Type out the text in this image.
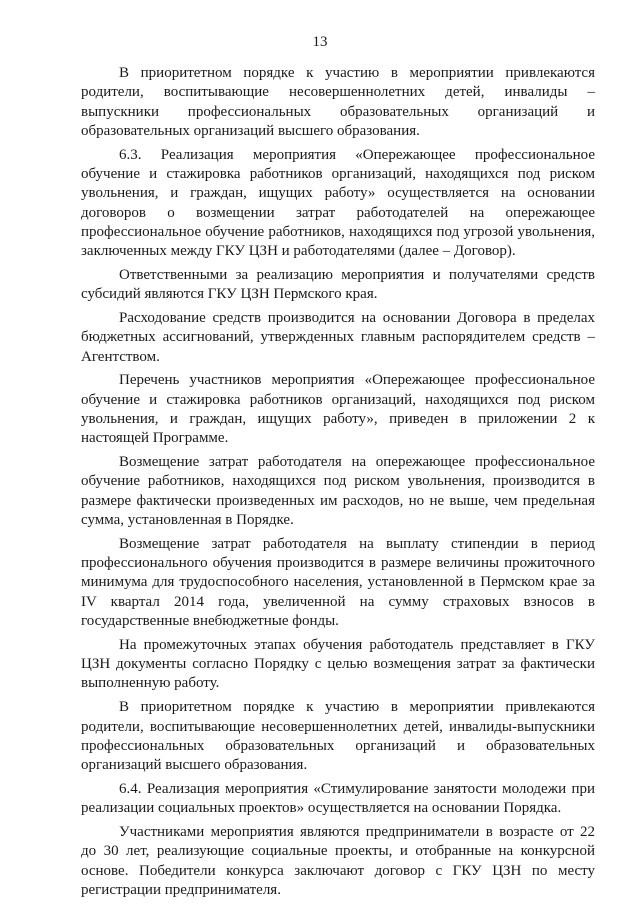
13

В приоритетном порядке к участию в мероприятии привлекаются родители, воспитывающие несовершеннолетних детей, инвалиды – выпускники профессиональных образовательных организаций и образовательных организаций высшего образования.

6.3. Реализация мероприятия «Опережающее профессиональное обучение и стажировка работников организаций, находящихся под риском увольнения, и граждан, ищущих работу» осуществляется на основании договоров о возмещении затрат работодателей на опережающее профессиональное обучение работников, находящихся под угрозой увольнения, заключенных между ГКУ ЦЗН и работодателями (далее – Договор).

Ответственными за реализацию мероприятия и получателями средств субсидий являются ГКУ ЦЗН Пермского края.

Расходование средств производится на основании Договора в пределах бюджетных ассигнований, утвержденных главным распорядителем средств – Агентством.

Перечень участников мероприятия «Опережающее профессиональное обучение и стажировка работников организаций, находящихся под риском увольнения, и граждан, ищущих работу», приведен в приложении 2 к настоящей Программе.

Возмещение затрат работодателя на опережающее профессиональное обучение работников, находящихся под риском увольнения, производится в размере фактически произведенных им расходов, но не выше, чем предельная сумма, установленная в Порядке.

Возмещение затрат работодателя на выплату стипендии в период профессионального обучения производится в размере величины прожиточного минимума для трудоспособного населения, установленной в Пермском крае за IV квартал 2014 года, увеличенной на сумму страховых взносов в государственные внебюджетные фонды.

На промежуточных этапах обучения работодатель представляет в ГКУ ЦЗН документы согласно Порядку с целью возмещения затрат за фактически выполненную работу.

В приоритетном порядке к участию в мероприятии привлекаются родители, воспитывающие несовершеннолетних детей, инвалиды-выпускники профессиональных образовательных организаций и образовательных организаций высшего образования.

6.4. Реализация мероприятия «Стимулирование занятости молодежи при реализации социальных проектов» осуществляется на основании Порядка.

Участниками мероприятия являются предприниматели в возрасте от 22 до 30 лет, реализующие социальные проекты, и отобранные на конкурсной основе. Победители конкурса заключают договор с ГКУ ЦЗН по месту регистрации предпринимателя.
